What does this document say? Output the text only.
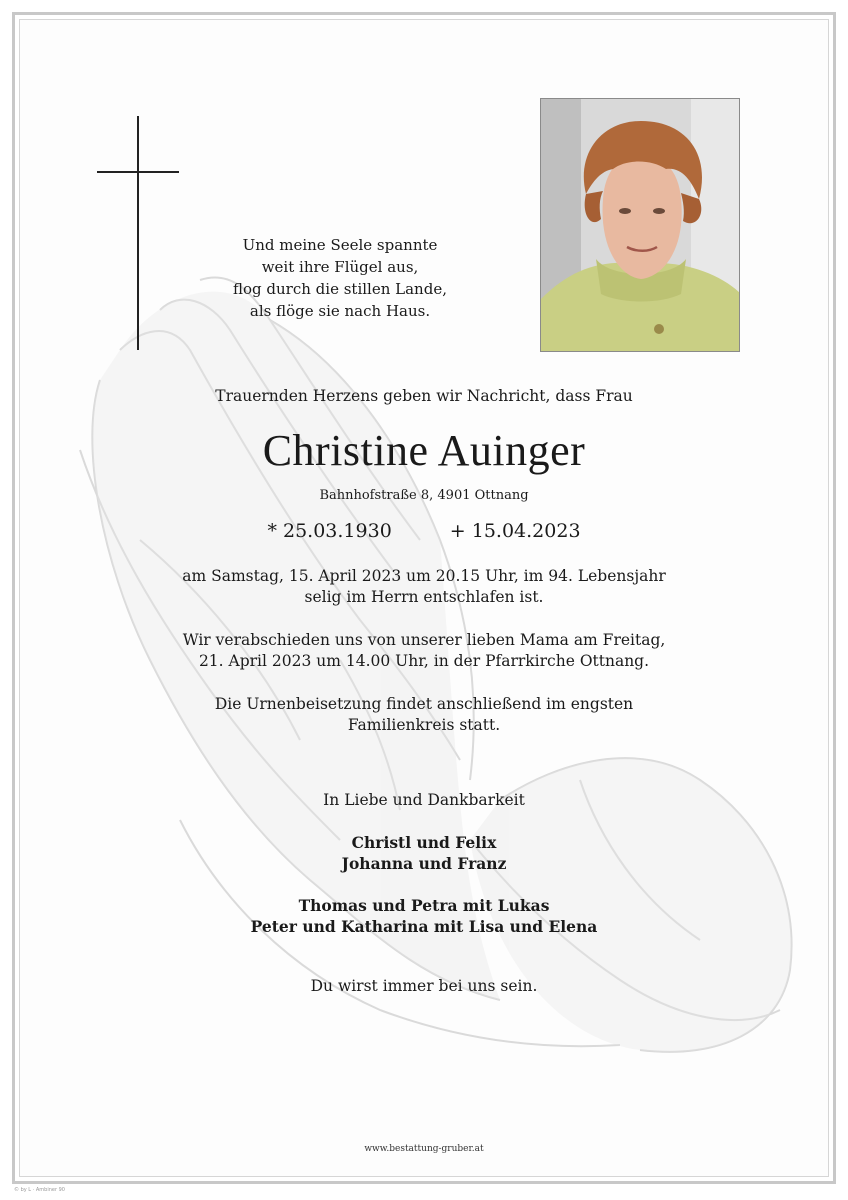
Und meine Seele spannte
weit ihre Flügel aus,
flog durch die stillen Lande,
als flöge sie nach Haus.
Trauernden Herzens geben wir Nachricht, dass Frau
Christine Auinger
Bahnhofstraße 8, 4901 Ottnang
* 25.03.1930	+ 15.04.2023
am Samstag, 15. April 2023 um 20.15 Uhr, im 94. Lebensjahr
selig im Herrn entschlafen ist.
Wir verabschieden uns von unserer lieben Mama am Freitag,
21. April 2023 um 14.00 Uhr, in der Pfarrkirche Ottnang.
Die Urnenbeisetzung findet anschließend im engsten
Familienkreis statt.
In Liebe und Dankbarkeit
Christl und Felix
Johanna und Franz
Thomas und Petra mit Lukas
Peter und Katharina mit Lisa und Elena
Du wirst immer bei uns sein.
www.bestattung-gruber.at
© by L · Ambiner 90
